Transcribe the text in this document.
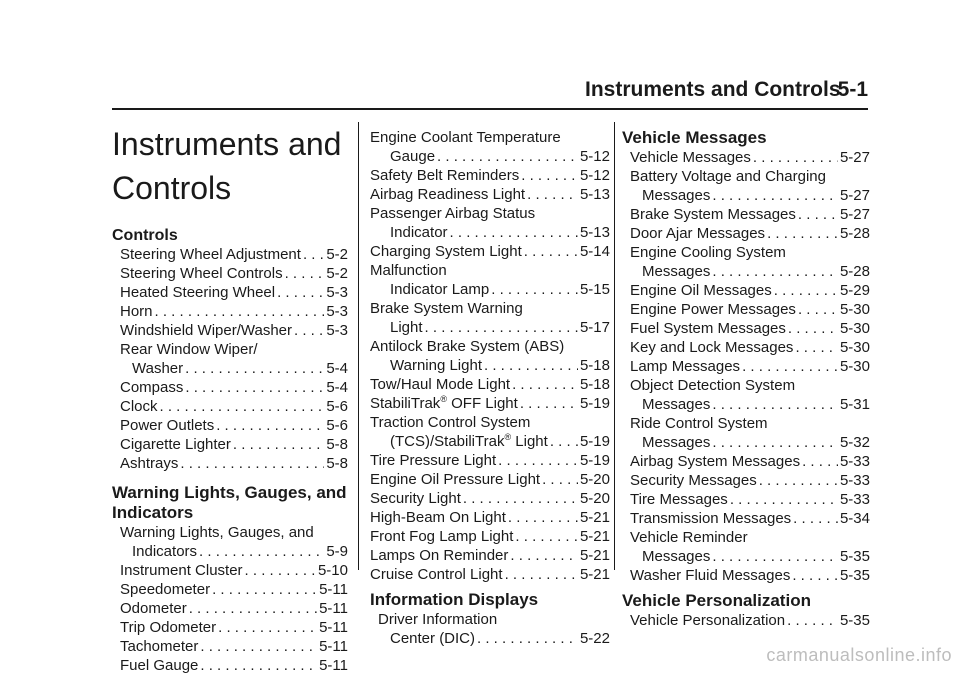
Instruments and Controls
5-1
Instruments and
Controls
Controls
Steering Wheel Adjustment . . . 5-2
Steering Wheel Controls . . .	5-2
Heated Steering Wheel . . .	5-3
Horn . . .	5-3
Windshield Wiper/Washer . . . 5-3
Rear Window Wiper/
Washer . . .	5-4
Compass . . .	5-4
Clock . . .	5-6
Power Outlets . . .	5-6
Cigarette Lighter . . .	5-8
Ashtrays . . .	5-8
Warning Lights, Gauges, and
Indicators
Warning Lights, Gauges, and
Indicators . . .	5-9
Instrument Cluster . . .	5-10
Speedometer . . .	5-11
Odometer . . .	5-11
Trip Odometer . . .	5-11
Tachometer . . .	5-11
Fuel Gauge . . .	5-11
Engine Coolant Temperature
Gauge . . .	5-12
Safety Belt Reminders . . .	5-12
Airbag Readiness Light . . .	5-13
Passenger Airbag Status
Indicator . . .	5-13
Charging System Light . . .	5-14
Malfunction
Indicator Lamp . . .	5-15
Brake System Warning
Light . . .	5-17
Antilock Brake System (ABS)
Warning Light . . .	5-18
Tow/Haul Mode Light . . .	5-18
StabiliTrak® OFF Light . . .	5-19
Traction Control System
(TCS)/StabiliTrak® Light . . . 5-19
Tire Pressure Light . . .	5-19
Engine Oil Pressure Light . . .	5-20
Security Light . . .	5-20
High-Beam On Light . . .	5-21
Front Fog Lamp Light . . .	5-21
Lamps On Reminder . . .	5-21
Cruise Control Light . . .	5-21
Information Displays
Driver Information
Center (DIC) . . .	5-22
Vehicle Messages
Vehicle Messages . . .	5-27
Battery Voltage and Charging
Messages . . .	5-27
Brake System Messages . . .	5-27
Door Ajar Messages . . .	5-28
Engine Cooling System
Messages . . .	5-28
Engine Oil Messages . . .	5-29
Engine Power Messages . . .	5-30
Fuel System Messages . . .	5-30
Key and Lock Messages . . .	5-30
Lamp Messages . . .	5-30
Object Detection System
Messages . . .	5-31
Ride Control System
Messages . . .	5-32
Airbag System Messages . . .	5-33
Security Messages . . .	5-33
Tire Messages . . .	5-33
Transmission Messages . . .	5-34
Vehicle Reminder
Messages . . .	5-35
Washer Fluid Messages . . .	5-35
Vehicle Personalization
Vehicle Personalization . . .	5-35
carmanualsonline.info
